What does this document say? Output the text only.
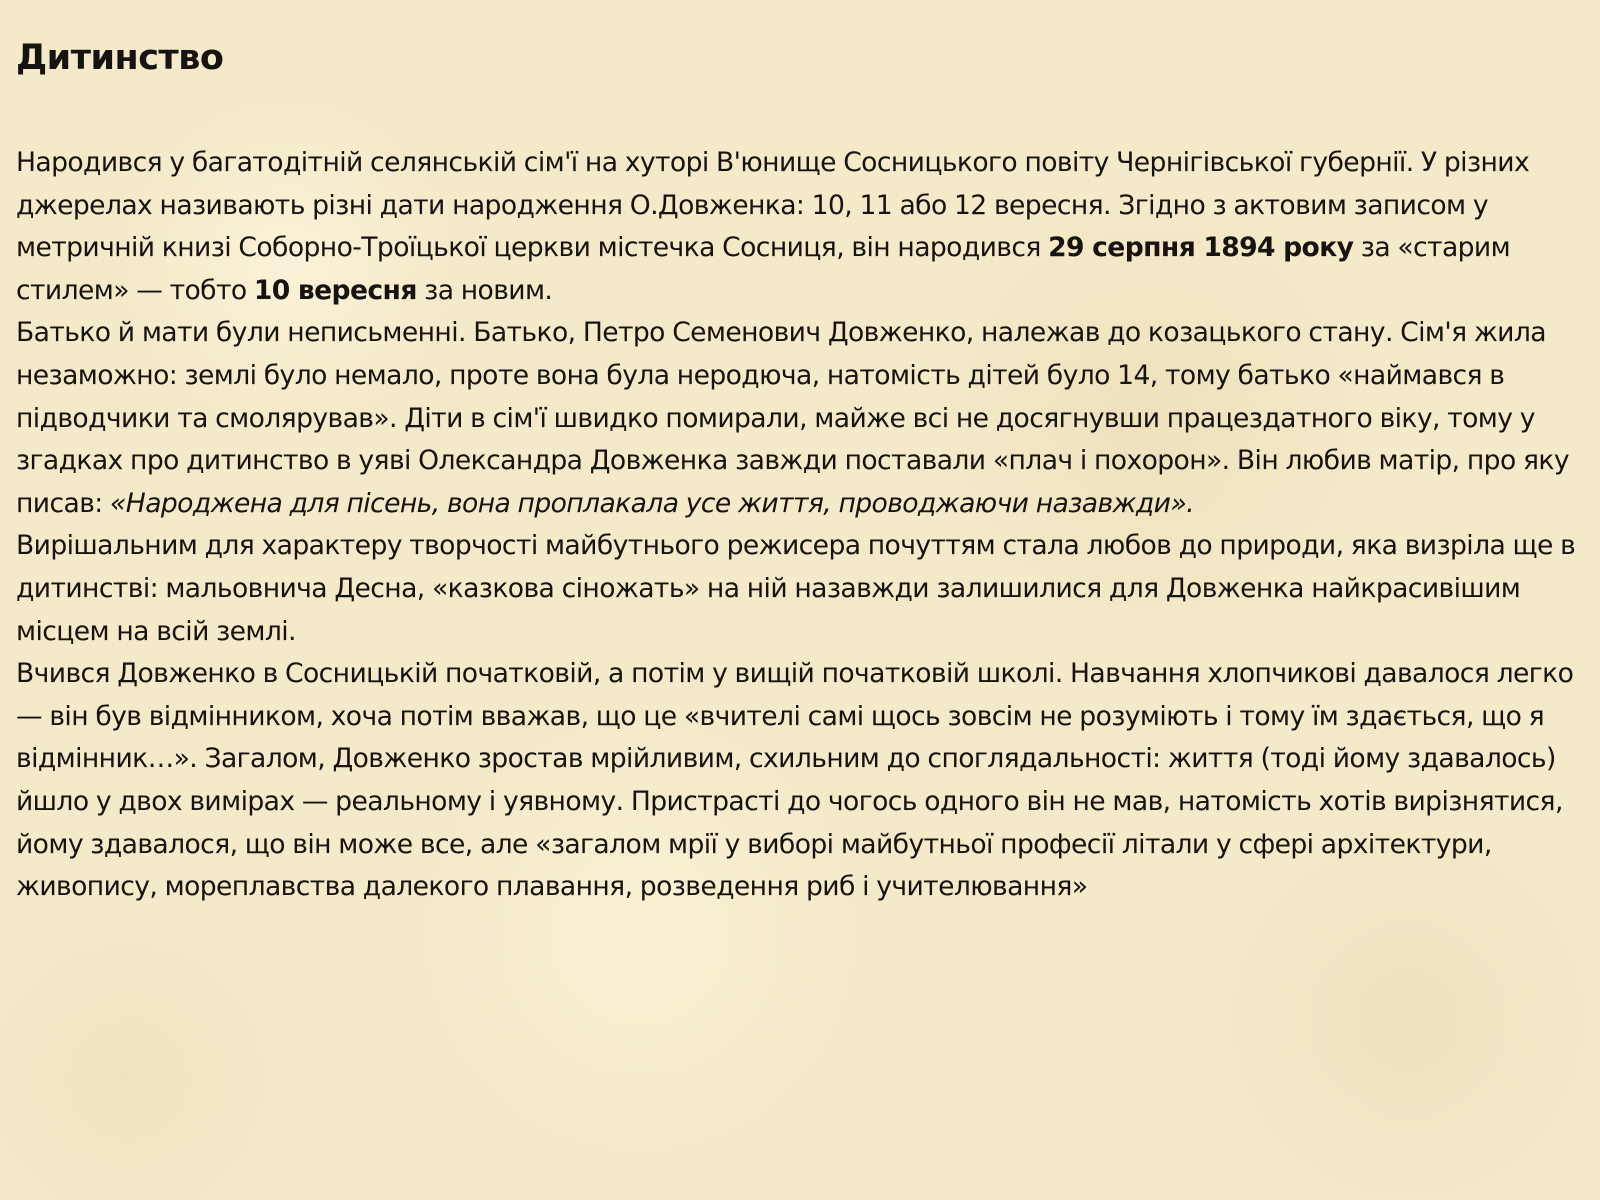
Дитинство

Народився у багатодітній селянській сім'ї на хуторі В'юнище Сосницького повіту Чернігівської губернії. У різних джерелах називають різні дати народження О.Довженка: 10, 11 або 12 вересня. Згідно з актовим записом у метричній книзі Соборно-Троїцької церкви містечка Сосниця, він народився 29 серпня 1894 року за «старим стилем» — тобто 10 вересня за новим.

Батько й мати були неписьменні. Батько, Петро Семенович Довженко, належав до козацького стану. Сім'я жила незаможно: землі було немало, проте вона була неродюча, натомість дітей було 14, тому батько «наймався в підводчики та смолярував». Діти в сім'ї швидко помирали, майже всі не досягнувши працездатного віку, тому у згадках про дитинство в уяві Олександра Довженка завжди поставали «плач і похорон». Він любив матір, про яку писав: «Народжена для пісень, вона проплакала усе життя, проводжаючи назавжди».

Вирішальним для характеру творчості майбутнього режисера почуттям стала любов до природи, яка визріла ще в дитинстві: мальовнича Десна, «казкова сіножать» на ній назавжди залишилися для Довженка найкрасивішим місцем на всій землі.

Вчився Довженко в Сосницькій початковій, а потім у вищій початковій школі. Навчання хлопчикові давалося легко — він був відмінником, хоча потім вважав, що це «вчителі самі щось зовсім не розуміють і тому їм здається, що я відмінник…». Загалом, Довженко зростав мрійливим, схильним до споглядальності: життя (тоді йому здавалось) йшло у двох вимірах — реальному і уявному. Пристрасті до чогось одного він не мав, натомість хотів вирізнятися, йому здавалося, що він може все, але «загалом мрії у виборі майбутньої професії літали у сфері архітектури, живопису, мореплавства далекого плавання, розведення риб і учителювання»
